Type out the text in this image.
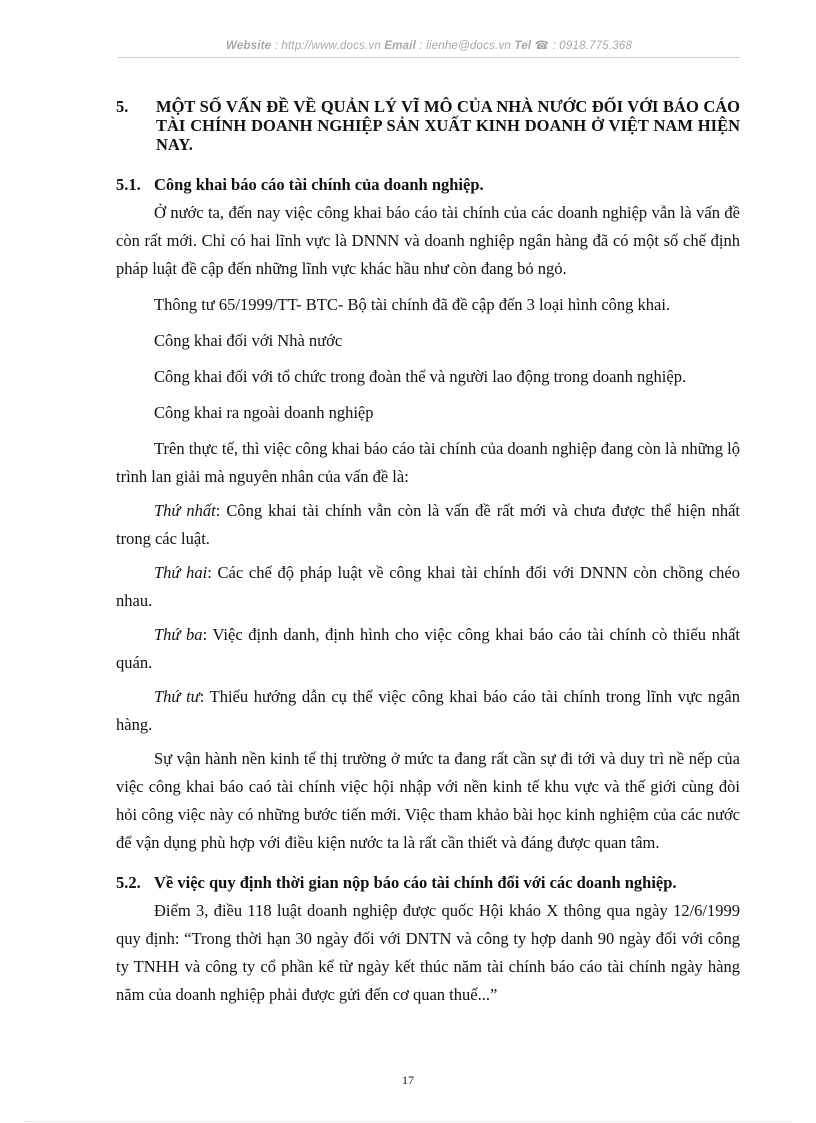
Website : http://www.docs.vn Email : lienhe@docs.vn Tel ☎ : 0918.775.368
5.	MỘT SỐ VẤN ĐỀ VỀ QUẢN LÝ VĨ MÔ CỦA NHÀ NƯỚC ĐỐI VỚI BÁO CÁO TÀI CHÍNH DOANH NGHIỆP SẢN XUẤT KINH DOANH Ở VIỆT NAM HIỆN NAY.
5.1. Công khai báo cáo tài chính của doanh nghiệp.

Ở nước ta, đến nay việc công khai báo cáo tài chính của các doanh nghiệp vẫn là vấn đề còn rất mới. Chỉ có hai lĩnh vực là DNNN và doanh nghiệp ngân hàng đã có một số chế định pháp luật đề cập đến những lĩnh vực khác hầu như còn đang bỏ ngỏ.

Thông tư 65/1999/TT- BTC- Bộ tài chính đã đề cập đến 3 loại hình công khai.

Công khai đối với Nhà nước

Công khai đối với tổ chức trong đoàn thể và người lao động trong doanh nghiệp.

Công khai ra ngoài doanh nghiệp

Trên thực tế, thì việc công khai báo cáo tài chính của doanh nghiệp đang còn là những lộ trình lan giải mà nguyên nhân của vấn đề là:

Thứ nhất: Công khai tài chính vẫn còn là vấn đề rất mới và chưa được thể hiện nhất trong các luật.

Thứ hai: Các chế độ pháp luật về công khai tài chính đối với DNNN còn chồng chéo nhau.

Thứ ba: Việc định danh, định hình cho việc công khai báo cáo tài chính cò thiếu nhất quán.

Thứ tư: Thiếu hướng dẫn cụ thể việc công khai báo cáo tài chính trong lĩnh vực ngân hàng.

Sự vận hành nền kinh tế thị trường ở mức ta đang rất cần sự đi tới và duy trì nề nếp của việc công khai báo caó tài chính việc hội nhập với nền kinh tế khu vực và thế giới cùng đòi hỏi công việc này có những bước tiến mới. Việc tham khảo bài học kinh nghiệm của các nước để vận dụng phù hợp với điều kiện nước ta là rất cần thiết và đáng được quan tâm.

5.2. Về việc quy định thời gian nộp báo cáo tài chính đối với các doanh nghiệp.

Điểm 3, điều 118 luật doanh nghiệp được quốc Hội kháo X thông qua ngày 12/6/1999 quy định: “Trong thời hạn 30 ngày đối với DNTN và công ty hợp danh 90 ngày đối với công ty TNHH và công ty cổ phần kể từ ngày kết thúc năm tài chính báo cáo tài chính ngày hàng năm của doanh nghiệp phải được gửi đến cơ quan thuế...”

17
